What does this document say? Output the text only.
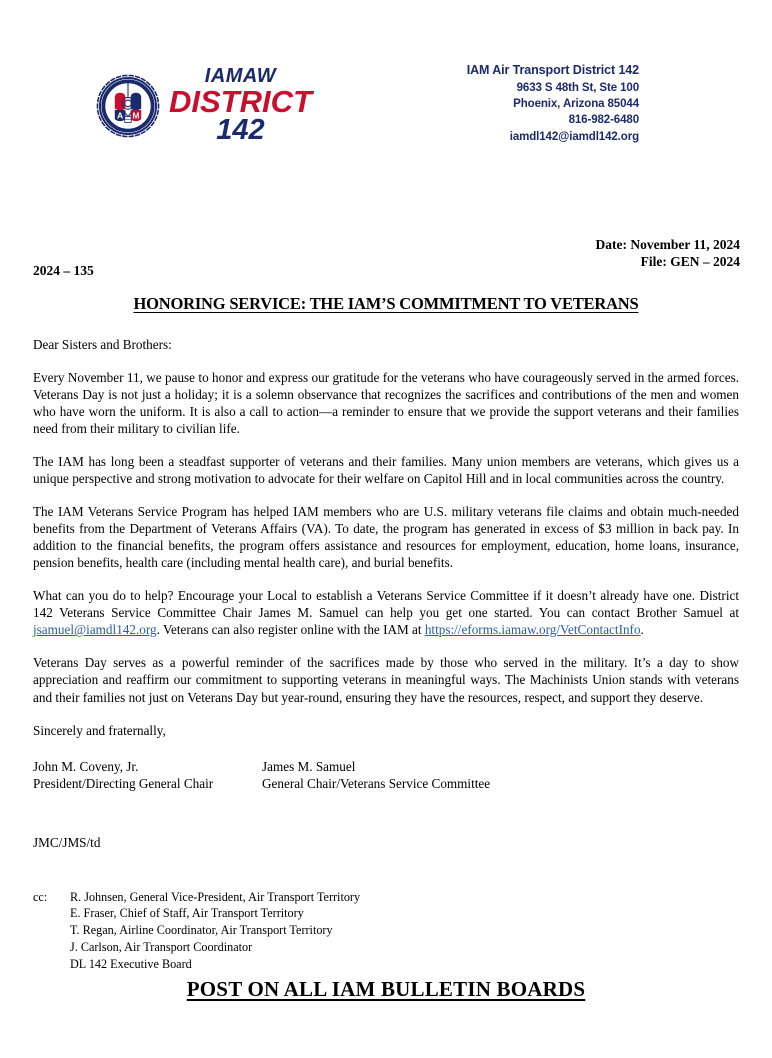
A M
IAMAW
DISTRICT
142
IAM Air Transport District 142
9633 S 48th St, Ste 100
Phoenix, Arizona 85044
816-982-6480
iamdl142@iamdl142.org
Date: November 11, 2024
File: GEN – 2024
2024 – 135
HONORING SERVICE: THE IAM’S COMMITMENT TO VETERANS
Dear Sisters and Brothers:

Every November 11, we pause to honor and express our gratitude for the veterans who have courageously served in the armed forces. Veterans Day is not just a holiday; it is a solemn observance that recognizes the sacrifices and contributions of the men and women who have worn the uniform. It is also a call to action—a reminder to ensure that we provide the support veterans and their families need from their military to civilian life.

The IAM has long been a steadfast supporter of veterans and their families. Many union members are veterans, which gives us a unique perspective and strong motivation to advocate for their welfare on Capitol Hill and in local communities across the country.

The IAM Veterans Service Program has helped IAM members who are U.S. military veterans file claims and obtain much-needed benefits from the Department of Veterans Affairs (VA). To date, the program has generated in excess of $3 million in back pay. In addition to the financial benefits, the program offers assistance and resources for employment, education, home loans, insurance, pension benefits, health care (including mental health care), and burial benefits.

What can you do to help? Encourage your Local to establish a Veterans Service Committee if it doesn’t already have one. District 142 Veterans Service Committee Chair James M. Samuel can help you get one started. You can contact Brother Samuel at jsamuel@iamdl142.org. Veterans can also register online with the IAM at https://eforms.iamaw.org/VetContactInfo.

Veterans Day serves as a powerful reminder of the sacrifices made by those who served in the military. It’s a day to show appreciation and reaffirm our commitment to supporting veterans in meaningful ways. The Machinists Union stands with veterans and their families not just on Veterans Day but year-round, ensuring they have the resources, respect, and support they deserve.

Sincerely and fraternally,
John M. Coveny, Jr.	James M. Samuel
President/Directing General Chair	General Chair/Veterans Service Committee
JMC/JMS/td
cc:	R. Johnsen, General Vice-President, Air Transport Territory
E. Fraser, Chief of Staff, Air Transport Territory
T. Regan, Airline Coordinator, Air Transport Territory
J. Carlson, Air Transport Coordinator
DL 142 Executive Board
POST ON ALL IAM BULLETIN BOARDS
